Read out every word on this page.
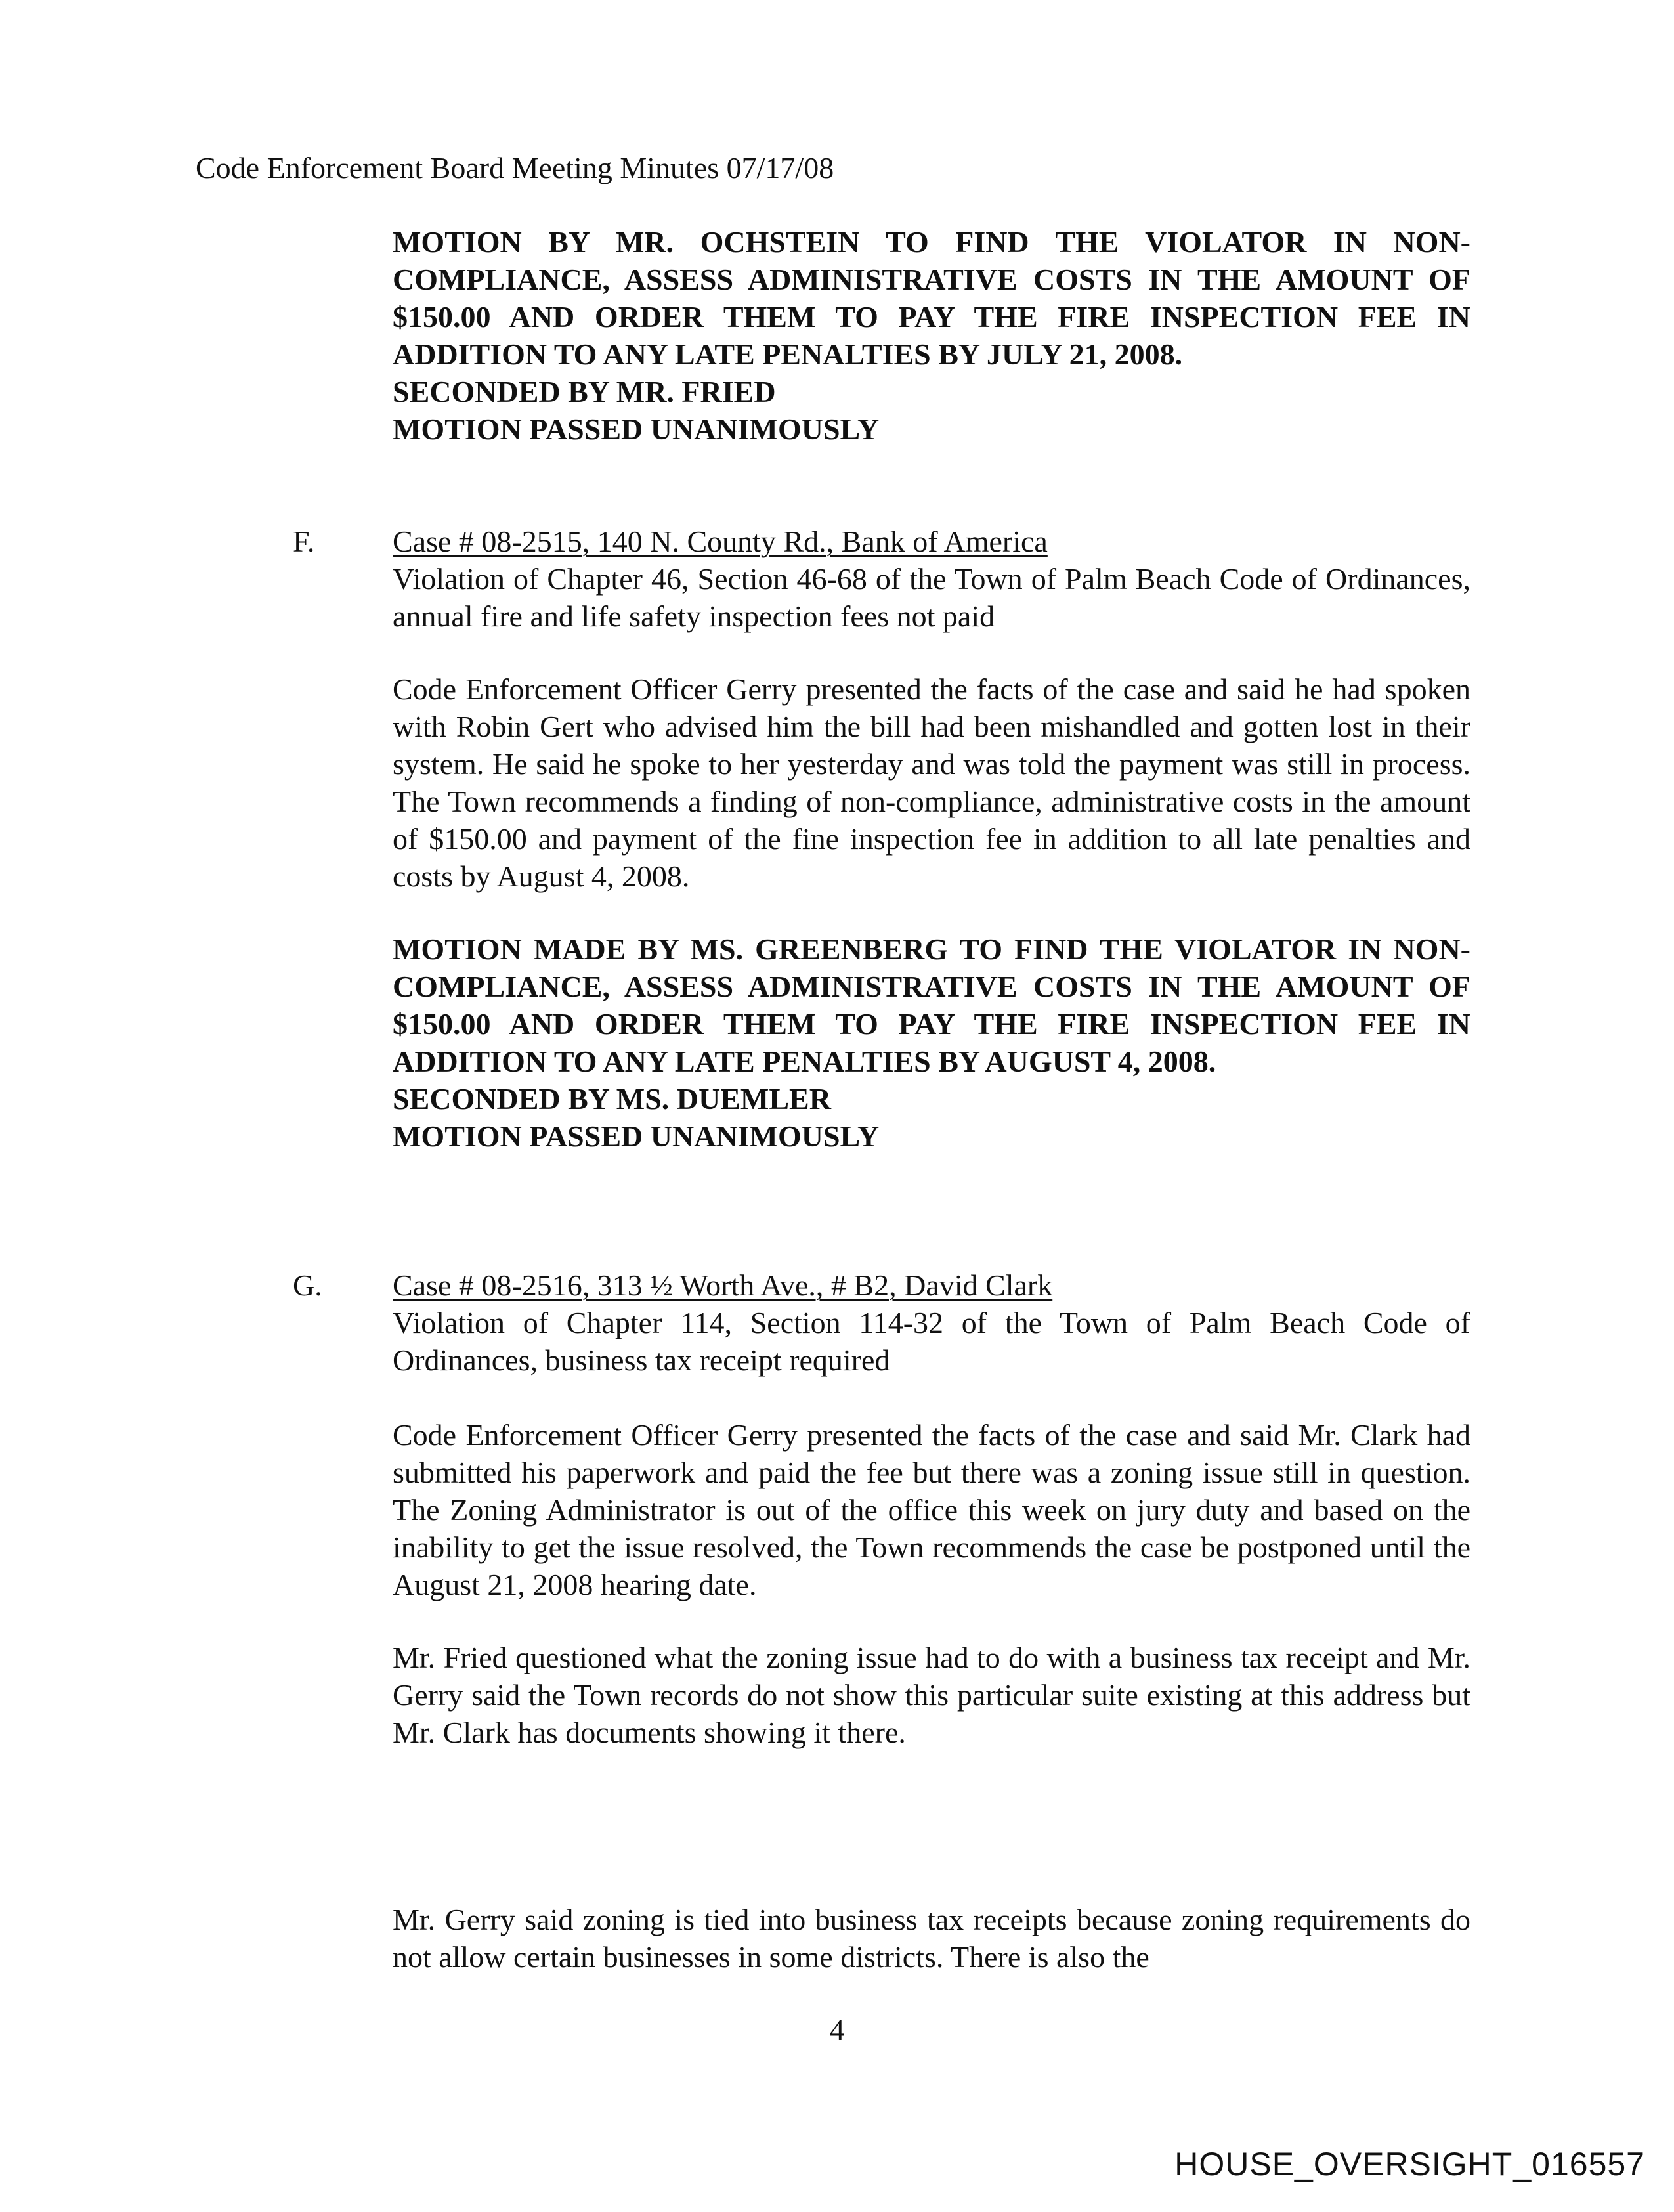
Code Enforcement Board Meeting Minutes 07/17/08
MOTION BY MR. OCHSTEIN TO FIND THE VIOLATOR IN NON-COMPLIANCE, ASSESS ADMINISTRATIVE COSTS IN THE AMOUNT OF $150.00 AND ORDER THEM TO PAY THE FIRE INSPECTION FEE IN ADDITION TO ANY LATE PENALTIES BY JULY 21, 2008.
SECONDED BY MR. FRIED
MOTION PASSED UNANIMOUSLY
F.	Case # 08-2515, 140 N. County Rd., Bank of America
Violation of Chapter 46, Section 46-68 of the Town of Palm Beach Code of Ordinances, annual fire and life safety inspection fees not paid
Code Enforcement Officer Gerry presented the facts of the case and said he had spoken with Robin Gert who advised him the bill had been mishandled and gotten lost in their system. He said he spoke to her yesterday and was told the payment was still in process. The Town recommends a finding of non-compliance, administrative costs in the amount of $150.00 and payment of the fine inspection fee in addition to all late penalties and costs by August 4, 2008.
MOTION MADE BY MS. GREENBERG TO FIND THE VIOLATOR IN NON-COMPLIANCE, ASSESS ADMINISTRATIVE COSTS IN THE AMOUNT OF $150.00 AND ORDER THEM TO PAY THE FIRE INSPECTION FEE IN ADDITION TO ANY LATE PENALTIES BY AUGUST 4, 2008.
SECONDED BY MS. DUEMLER
MOTION PASSED UNANIMOUSLY
G. Case # 08-2516, 313 ½ Worth Ave., # B2, David Clark
Violation of Chapter 114, Section 114-32 of the Town of Palm Beach Code of Ordinances, business tax receipt required
Code Enforcement Officer Gerry presented the facts of the case and said Mr. Clark had submitted his paperwork and paid the fee but there was a zoning issue still in question. The Zoning Administrator is out of the office this week on jury duty and based on the inability to get the issue resolved, the Town recommends the case be postponed until the August 21, 2008 hearing date.
Mr. Fried questioned what the zoning issue had to do with a business tax receipt and Mr. Gerry said the Town records do not show this particular suite existing at this address but Mr. Clark has documents showing it there.
Mr. Gerry said zoning is tied into business tax receipts because zoning requirements do not allow certain businesses in some districts. There is also the
4
HOUSE_OVERSIGHT_016557
